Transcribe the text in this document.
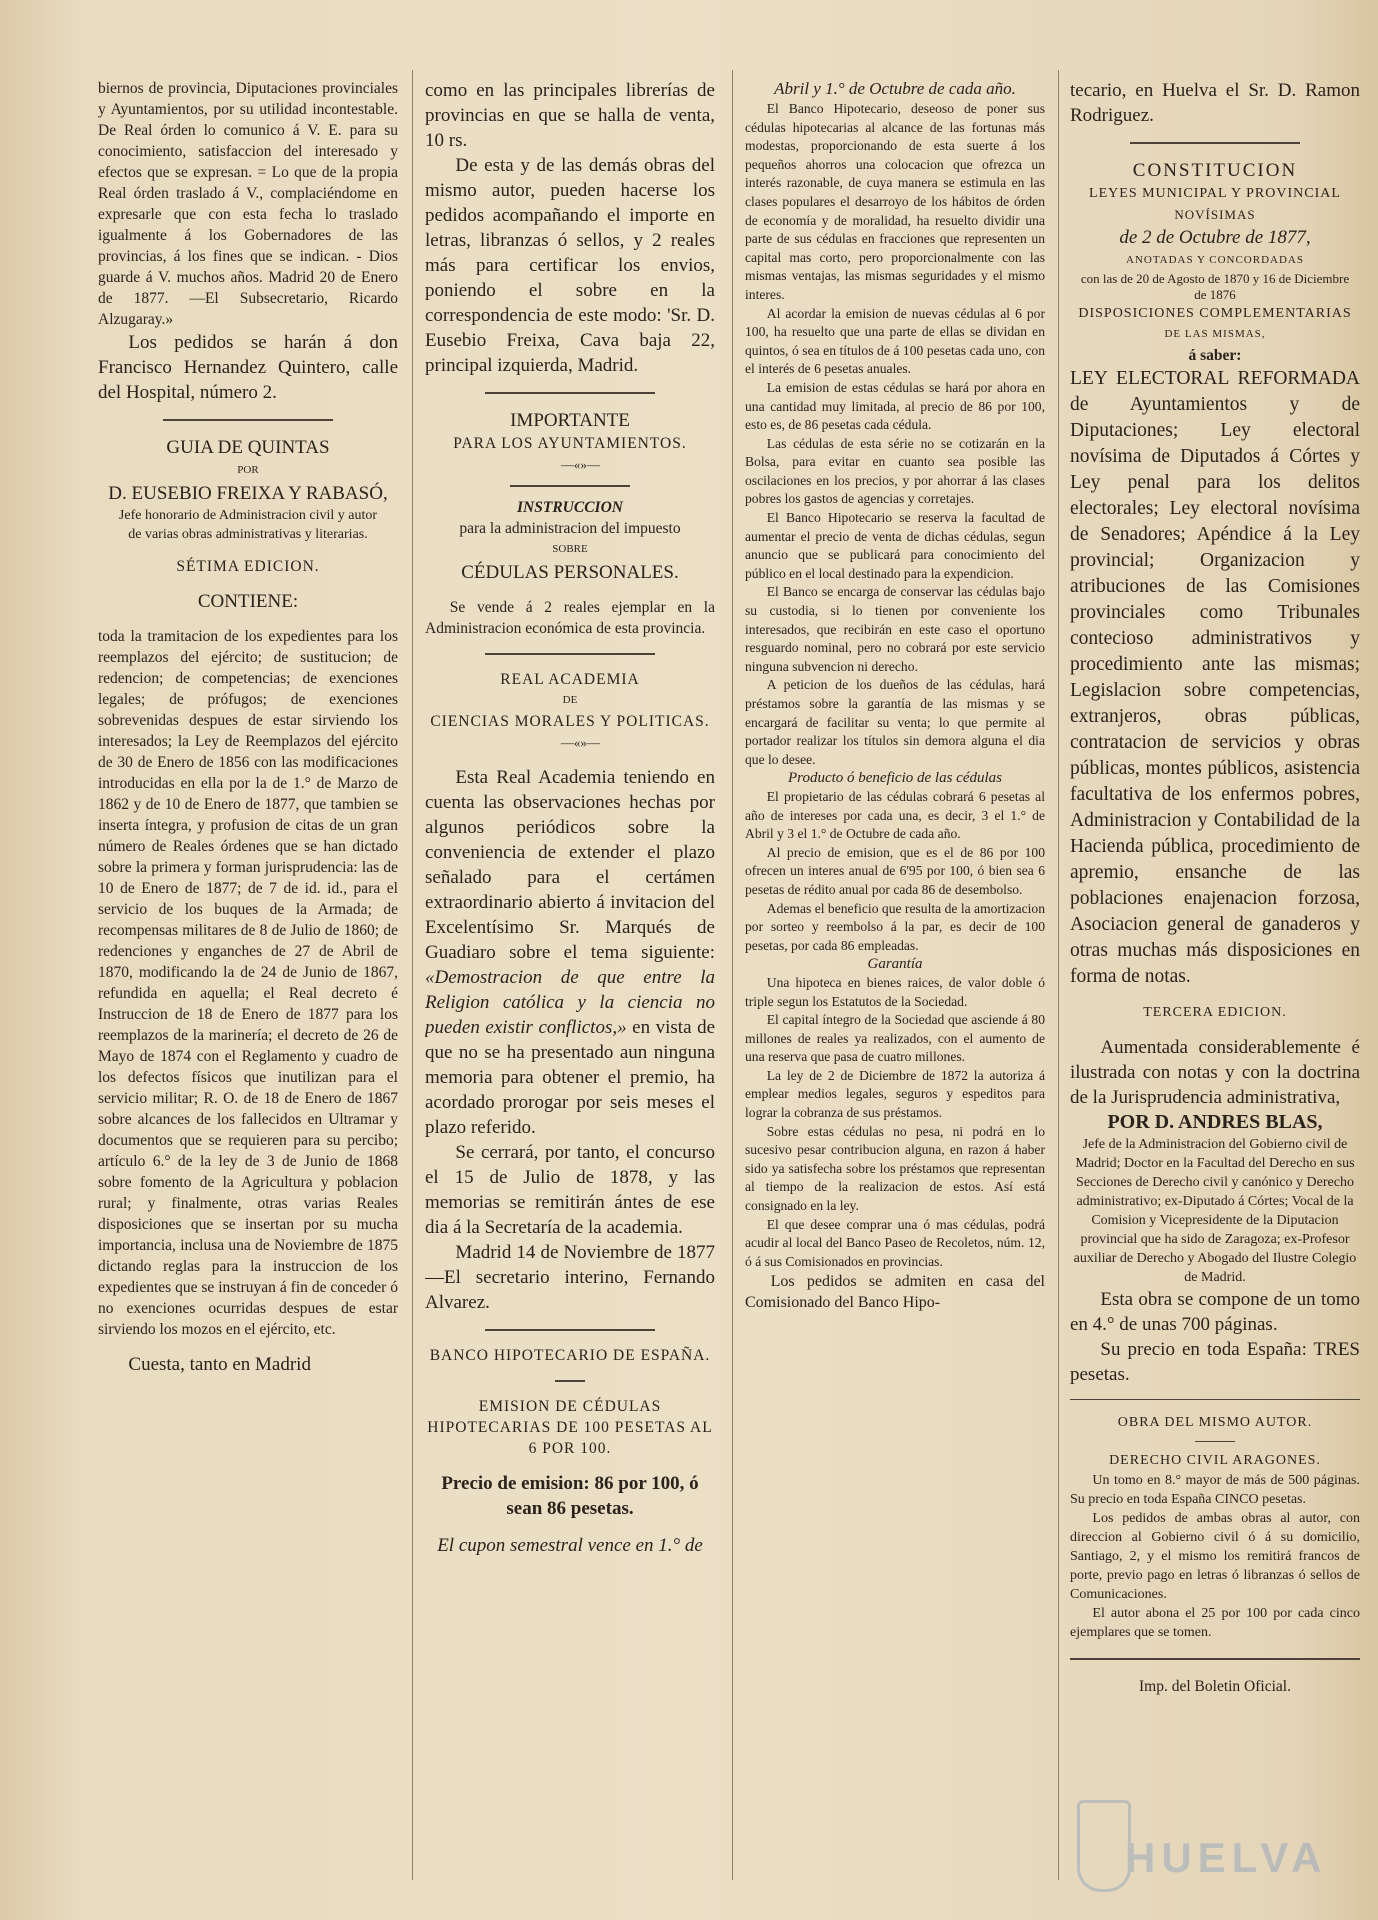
biernos de provincia, Diputaciones provinciales y Ayuntamientos, por su utilidad incontestable. De Real órden lo comunico á V. E. para su conocimiento, satisfaccion del interesado y efectos que se expresan. = Lo que de la propia Real órden traslado á V., complaciéndome en expresarle que con esta fecha lo traslado igualmente á los Gobernadores de las provincias, á los fines que se indican. - Dios guarde á V. muchos años. Madrid 20 de Enero de 1877. —El Subsecretario, Ricardo Alzugaray.»

Los pedidos se harán á don Francisco Hernandez Quintero, calle del Hospital, número 2.

GUIA DE QUINTAS

POR

D. EUSEBIO FREIXA Y RABASÓ,

Jefe honorario de Administracion civil y autor de varias obras administrativas y literarias.

SÉTIMA EDICION.

CONTIENE:

toda la tramitacion de los expedientes para los reemplazos del ejército; de sustitucion; de redencion; de competencias; de exenciones legales; de prófugos; de exenciones sobrevenidas despues de estar sirviendo los interesados; la Ley de Reemplazos del ejército de 30 de Enero de 1856 con las modificaciones introducidas en ella por la de 1.° de Marzo de 1862 y de 10 de Enero de 1877, que tambien se inserta íntegra, y profusion de citas de un gran número de Reales órdenes que se han dictado sobre la primera y forman jurisprudencia: las de 10 de Enero de 1877; de 7 de id. id., para el servicio de los buques de la Armada; de recompensas militares de 8 de Julio de 1860; de redenciones y enganches de 27 de Abril de 1870, modificando la de 24 de Junio de 1867, refundida en aquella; el Real decreto é Instruccion de 18 de Enero de 1877 para los reemplazos de la marinería; el decreto de 26 de Mayo de 1874 con el Reglamento y cuadro de los defectos físicos que inutilizan para el servicio militar; R. O. de 18 de Enero de 1867 sobre alcances de los fallecidos en Ultramar y documentos que se requieren para su percibo; artículo 6.° de la ley de 3 de Junio de 1868 sobre fomento de la Agricultura y poblacion rural; y finalmente, otras varias Reales disposiciones que se insertan por su mucha importancia, inclusa una de Noviembre de 1875 dictando reglas para la instruccion de los expedientes que se instruyan á fin de conceder ó no exenciones ocurridas despues de estar sirviendo los mozos en el ejército, etc.

Cuesta, tanto en Madrid

como en las principales librerías de provincias en que se halla de venta, 10 rs.

De esta y de las demás obras del mismo autor, pueden hacerse los pedidos acompañando el importe en letras, libranzas ó sellos, y 2 reales más para certificar los envios, poniendo el sobre en la correspondencia de este modo: 'Sr. D. Eusebio Freixa, Cava baja 22, principal izquierda, Madrid.

IMPORTANTE

PARA LOS AYUNTAMIENTOS.

—«»—

INSTRUCCION

para la administracion del impuesto

SOBRE

CÉDULAS PERSONALES.

Se vende á 2 reales ejemplar en la Administracion económica de esta provincia.

REAL ACADEMIA

DE

CIENCIAS MORALES Y POLITICAS.

—«»—

Esta Real Academia teniendo en cuenta las observaciones hechas por algunos periódicos sobre la conveniencia de extender el plazo señalado para el certámen extraordinario abierto á invitacion del Excelentísimo Sr. Marqués de Guadiaro sobre el tema siguiente: «Demostracion de que entre la Religion católica y la ciencia no pueden existir conflictos,» en vista de que no se ha presentado aun ninguna memoria para obtener el premio, ha acordado prorogar por seis meses el plazo referido.

Se cerrará, por tanto, el concurso el 15 de Julio de 1878, y las memorias se remitirán ántes de ese dia á la Secretaría de la academia.

Madrid 14 de Noviembre de 1877 —El secretario interino, Fernando Alvarez.

BANCO HIPOTECARIO DE ESPAÑA.

EMISION DE CÉDULAS HIPOTECARIAS DE 100 PESETAS AL 6 POR 100.

Precio de emision: 86 por 100, ó sean 86 pesetas.

El cupon semestral vence en 1.° de

Abril y 1.° de Octubre de cada año.

El Banco Hipotecario, deseoso de poner sus cédulas hipotecarias al alcance de las fortunas más modestas, proporcionando de esta suerte á los pequeños ahorros una colocacion que ofrezca un interés razonable, de cuya manera se estimula en las clases populares el desarroyo de los hábitos de órden de economía y de moralidad, ha resuelto dividir una parte de sus cédulas en fracciones que representen un capital mas corto, pero proporcionalmente con las mismas ventajas, las mismas seguridades y el mismo interes.

Al acordar la emision de nuevas cédulas al 6 por 100, ha resuelto que una parte de ellas se dividan en quintos, ó sea en títulos de á 100 pesetas cada uno, con el interés de 6 pesetas anuales.

La emision de estas cédulas se hará por ahora en una cantidad muy limitada, al precio de 86 por 100, esto es, de 86 pesetas cada cédula.

Las cédulas de esta série no se cotizarán en la Bolsa, para evitar en cuanto sea posible las oscilaciones en los precios, y por ahorrar á las clases pobres los gastos de agencias y corretajes.

El Banco Hipotecario se reserva la facultad de aumentar el precio de venta de dichas cédulas, segun anuncio que se publicará para conocimiento del público en el local destinado para la expendicion.

El Banco se encarga de conservar las cédulas bajo su custodia, si lo tienen por conveniente los interesados, que recibirán en este caso el oportuno resguardo nominal, pero no cobrará por este servicio ninguna subvencion ni derecho.

A peticion de los dueños de las cédulas, hará préstamos sobre la garantía de las mismas y se encargará de facilitar su venta; lo que permite al portador realizar los títulos sin demora alguna el dia que lo desee.

Producto ó beneficio de las cédulas

El propietario de las cédulas cobrará 6 pesetas al año de intereses por cada una, es decir, 3 el 1.° de Abril y 3 el 1.° de Octubre de cada año.

Al precio de emision, que es el de 86 por 100 ofrecen un interes anual de 6'95 por 100, ó bien sea 6 pesetas de rédito anual por cada 86 de desembolso.

Ademas el beneficio que resulta de la amortizacion por sorteo y reembolso á la par, es decir de 100 pesetas, por cada 86 empleadas.

Garantía

Una hipoteca en bienes raices, de valor doble ó triple segun los Estatutos de la Sociedad.

El capital íntegro de la Sociedad que asciende á 80 millones de reales ya realizados, con el aumento de una reserva que pasa de cuatro millones.

La ley de 2 de Diciembre de 1872 la autoriza á emplear medios legales, seguros y espeditos para lograr la cobranza de sus préstamos.

Sobre estas cédulas no pesa, ni podrá en lo sucesivo pesar contribucion alguna, en razon á haber sido ya satisfecha sobre los préstamos que representan al tiempo de la realizacion de estos. Así está consignado en la ley.

El que desee comprar una ó mas cédulas, podrá acudir al local del Banco Paseo de Recoletos, núm. 12, ó á sus Comisionados en provincias.

Los pedidos se admiten en casa del Comisionado del Banco Hipo-

tecario, en Huelva el Sr. D. Ramon Rodriguez.

CONSTITUCION

LEYES MUNICIPAL Y PROVINCIAL

NOVÍSIMAS

de 2 de Octubre de 1877,

ANOTADAS Y CONCORDADAS

con las de 20 de Agosto de 1870 y 16 de Diciembre de 1876

DISPOSICIONES COMPLEMENTARIAS

DE LAS MISMAS,

á saber:

LEY ELECTORAL REFORMADA de Ayuntamientos y de Diputaciones; Ley electoral novísima de Diputados á Córtes y Ley penal para los delitos electorales; Ley electoral novísima de Senadores; Apéndice á la Ley provincial; Organizacion y atribuciones de las Comisiones provinciales como Tribunales contecioso administrativos y procedimiento ante las mismas; Legislacion sobre competencias, extranjeros, obras públicas, contratacion de servicios y obras públicas, montes públicos, asistencia facultativa de los enfermos pobres, Administracion y Contabilidad de la Hacienda pública, procedimiento de apremio, ensanche de las poblaciones enajenacion forzosa, Asociacion general de ganaderos y otras muchas más disposiciones en forma de notas.

TERCERA EDICION.

Aumentada considerablemente é ilustrada con notas y con la doctrina de la Jurisprudencia administrativa,

POR D. ANDRES BLAS,

Jefe de la Administracion del Gobierno civil de Madrid; Doctor en la Facultad del Derecho en sus Secciones de Derecho civil y canónico y Derecho administrativo; ex-Diputado á Córtes; Vocal de la Comision y Vicepresidente de la Diputacion provincial que ha sido de Zaragoza; ex-Profesor auxiliar de Derecho y Abogado del Ilustre Colegio de Madrid.

Esta obra se compone de un tomo en 4.° de unas 700 páginas.

Su precio en toda España: TRES pesetas.

OBRA DEL MISMO AUTOR.

DERECHO CIVIL ARAGONES.

Un tomo en 8.° mayor de más de 500 páginas. Su precio en toda España CINCO pesetas.

Los pedidos de ambas obras al autor, con direccion al Gobierno civil ó á su domicilio, Santiago, 2, y el mismo los remitirá francos de porte, previo pago en letras ó libranzas ó sellos de Comunicaciones.

El autor abona el 25 por 100 por cada cinco ejemplares que se tomen.

Imp. del Boletin Oficial.

HUELVA
